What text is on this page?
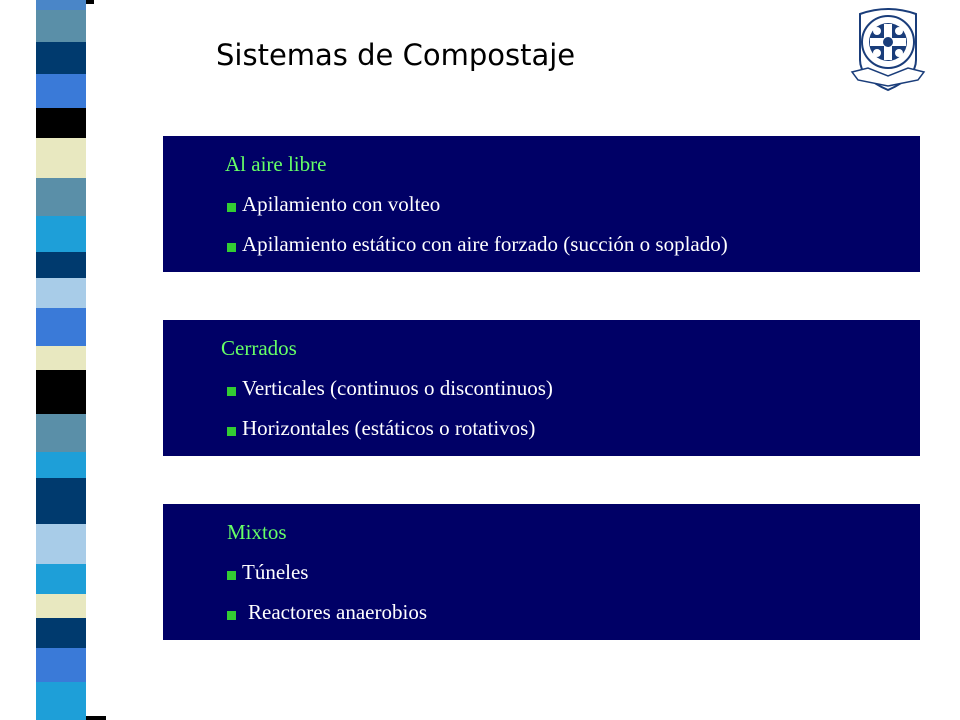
Sistemas de Compostaje
Al aire libre
Apilamiento con volteo
Apilamiento estático con aire forzado (succión o soplado)
Cerrados
Verticales (continuos o discontinuos)
Horizontales (estáticos o rotativos)
Mixtos
Túneles
Reactores anaerobios
